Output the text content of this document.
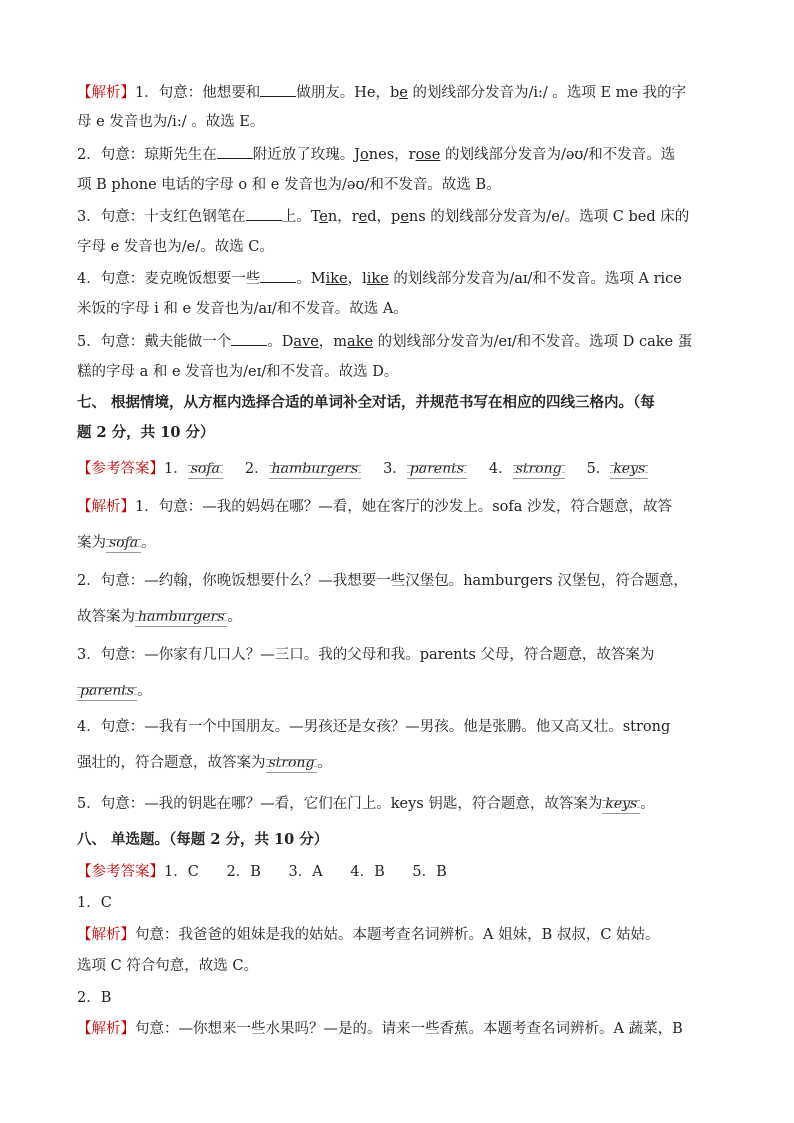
【解析】1．句意：他想要和 做朋友。He，be 的划线部分发音为/i:/ 。选项 E me 我的字
母 e 发音也为/i:/ 。故选 E。
2．句意：琼斯先生在 附近放了玫瑰。Jones，rose 的划线部分发音为/əʊ/和不发音。选
项 B phone 电话的字母 o 和 e 发音也为/əʊ/和不发音。故选 B。
3．句意：十支红色钢笔在 上。Ten，red，pens 的划线部分发音为/e/。选项 C bed 床的
字母 e 发音也为/e/。故选 C。
4．句意：麦克晚饭想要一些 。Mike，like 的划线部分发音为/aɪ/和不发音。选项 A rice
米饭的字母 i 和 e 发音也为/aɪ/和不发音。故选 A。
5．句意：戴夫能做一个 。Dave，make 的划线部分发音为/eɪ/和不发音。选项 D cake 蛋
糕的字母 a 和 e 发音也为/eɪ/和不发音。故选 D。
七、 根据情境，从方框内选择合适的单词补全对话，并规范书写在相应的四线三格内。（每
题 2 分，共 10 分）
【参考答案】1． sofa 2． hamburgers 3． parents 4． strong 5． keys
【解析】1．句意：—我的妈妈在哪？—看，她在客厅的沙发上。sofa 沙发，符合题意，故答
案为 sofa 。
2．句意：—约翰，你晚饭想要什么？—我想要一些汉堡包。hamburgers 汉堡包，符合题意，
故答案为 hamburgers 。
3．句意：—你家有几口人？—三口。我的父母和我。parents 父母，符合题意，故答案为
parents 。
4．句意：—我有一个中国朋友。—男孩还是女孩？—男孩。他是张鹏。他又高又壮。strong
强壮的，符合题意，故答案为 strong 。
5．句意：—我的钥匙在哪？—看，它们在门上。keys 钥匙，符合题意，故答案为 keys 。
八、 单选题。（每题 2 分，共 10 分）
【参考答案】1．C      2．B      3．A      4．B      5．B
1．C
【解析】句意：我爸爸的姐妹是我的姑姑。本题考查名词辨析。A 姐妹，B 叔叔，C 姑姑。
选项 C 符合句意，故选 C。
2．B
【解析】句意：—你想来一些水果吗？—是的。请来一些香蕉。本题考查名词辨析。A 蔬菜，B
